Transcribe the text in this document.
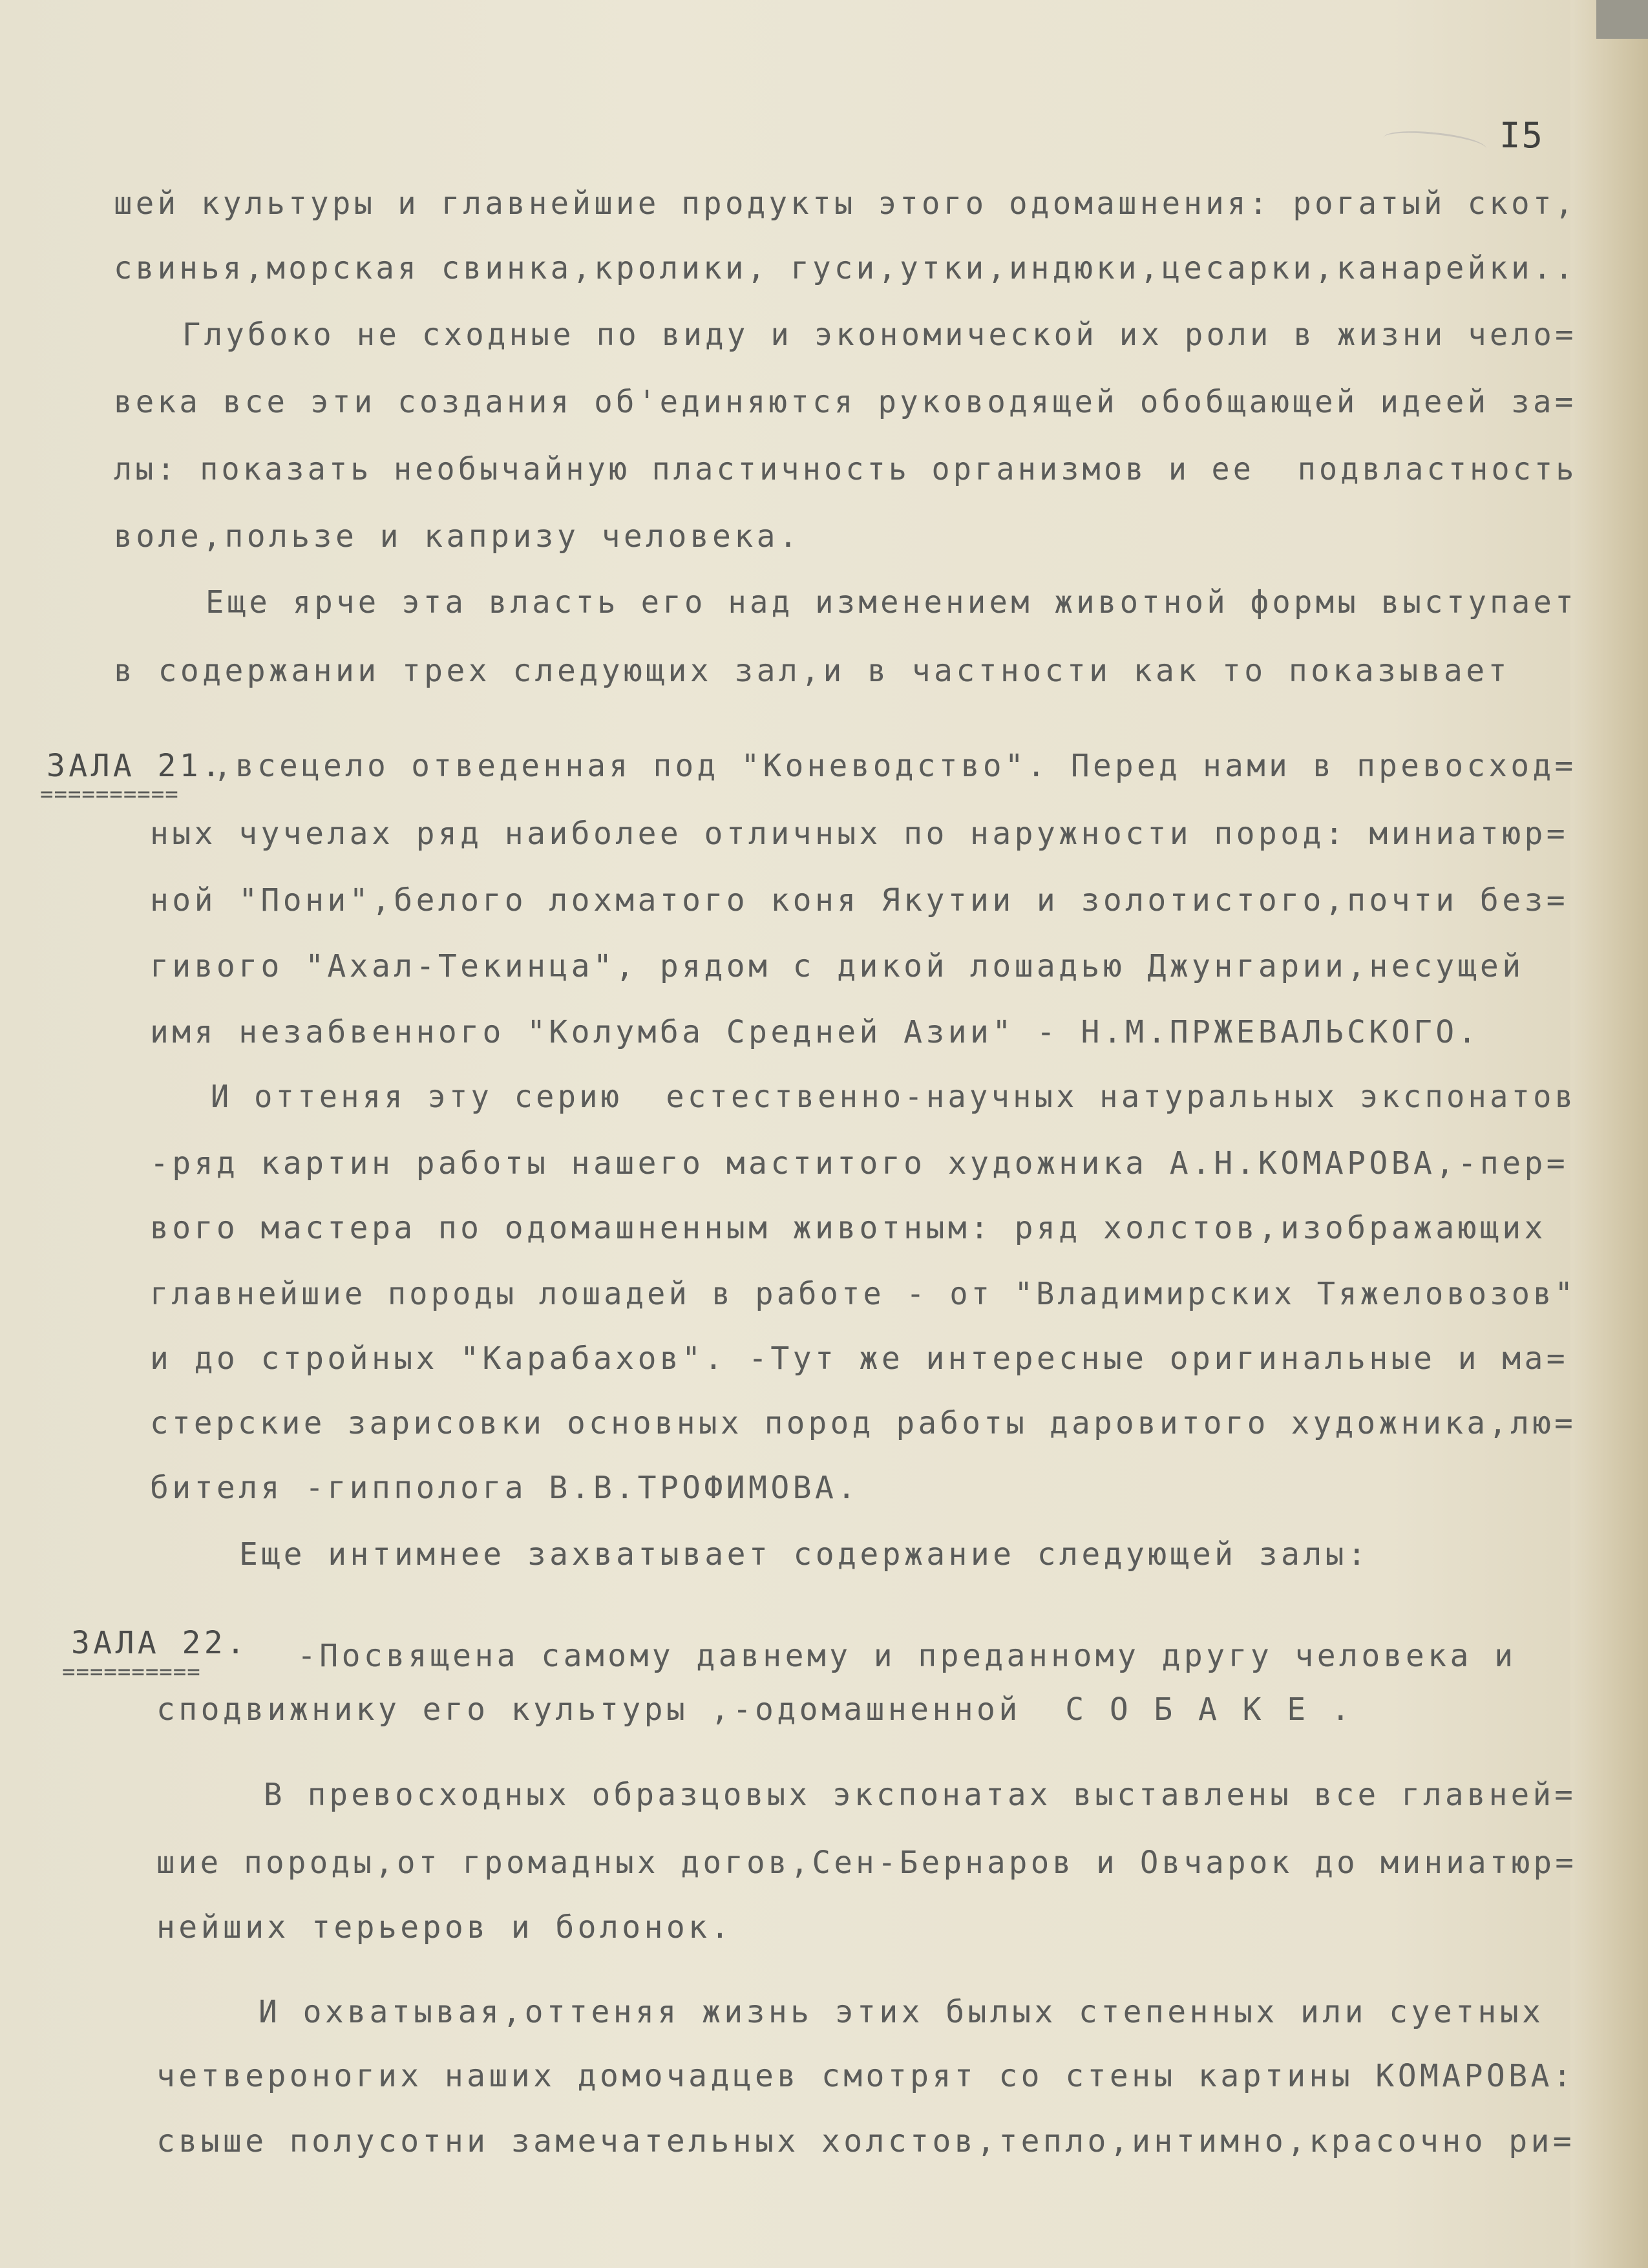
I5
ЗАЛА 21.
==========
ЗАЛА 22.
==========
шей культуры и главнейшие продукты этого одомашнения: рогатый скот,
свинья,морская свинка,кролики, гуси,утки,индюки,цесарки,канарейки..
Глубоко не сходные по виду и экономической их роли в жизни чело=
века все эти создания об'единяются руководящей обобщающей идеей за=
лы: показать необычайную пластичность организмов и ее  подвластность
воле,пользе и капризу человека.
Еще ярче эта власть его над изменением животной формы выступает
в содержании трех следующих зал,и в частности как то показывает
,всецело отведенная под "Коневодство". Перед нами в превосход=
ных чучелах ряд наиболее отличных по наружности пород: миниатюр=
ной "Пони",белого лохматого коня Якутии и золотистого,почти без=
гивого "Ахал-Текинца", рядом с дикой лошадью Джунгарии,несущей
имя незабвенного "Колумба Средней Азии" - Н.М.ПРЖЕВАЛЬСКОГО.
И оттеняя эту серию  естественно-научных натуральных экспонатов
-ряд картин работы нашего маститого художника А.Н.КОМАРОВА,-пер=
вого мастера по одомашненным животным: ряд холстов,изображающих
главнейшие породы лошадей в работе - от "Владимирских Тяжеловозов"
и до стройных "Карабахов". -Тут же интересные оригинальные и ма=
стерские зарисовки основных пород работы даровитого художника,лю=
бителя -гипполога В.В.ТРОФИМОВА.
Еще интимнее захватывает содержание следующей залы:
-Посвящена самому давнему и преданному другу человека и
сподвижнику его культуры ,-одомашненной  С О Б А К Е .
В превосходных образцовых экспонатах выставлены все главней=
шие породы,от громадных догов,Сен-Бернаров и Овчарок до миниатюр=
нейших терьеров и болонок.
И охватывая,оттеняя жизнь этих былых степенных или суетных
четвероногих наших домочадцев смотрят со стены картины КОМАРОВА:
свыше полусотни замечательных холстов,тепло,интимно,красочно ри=
